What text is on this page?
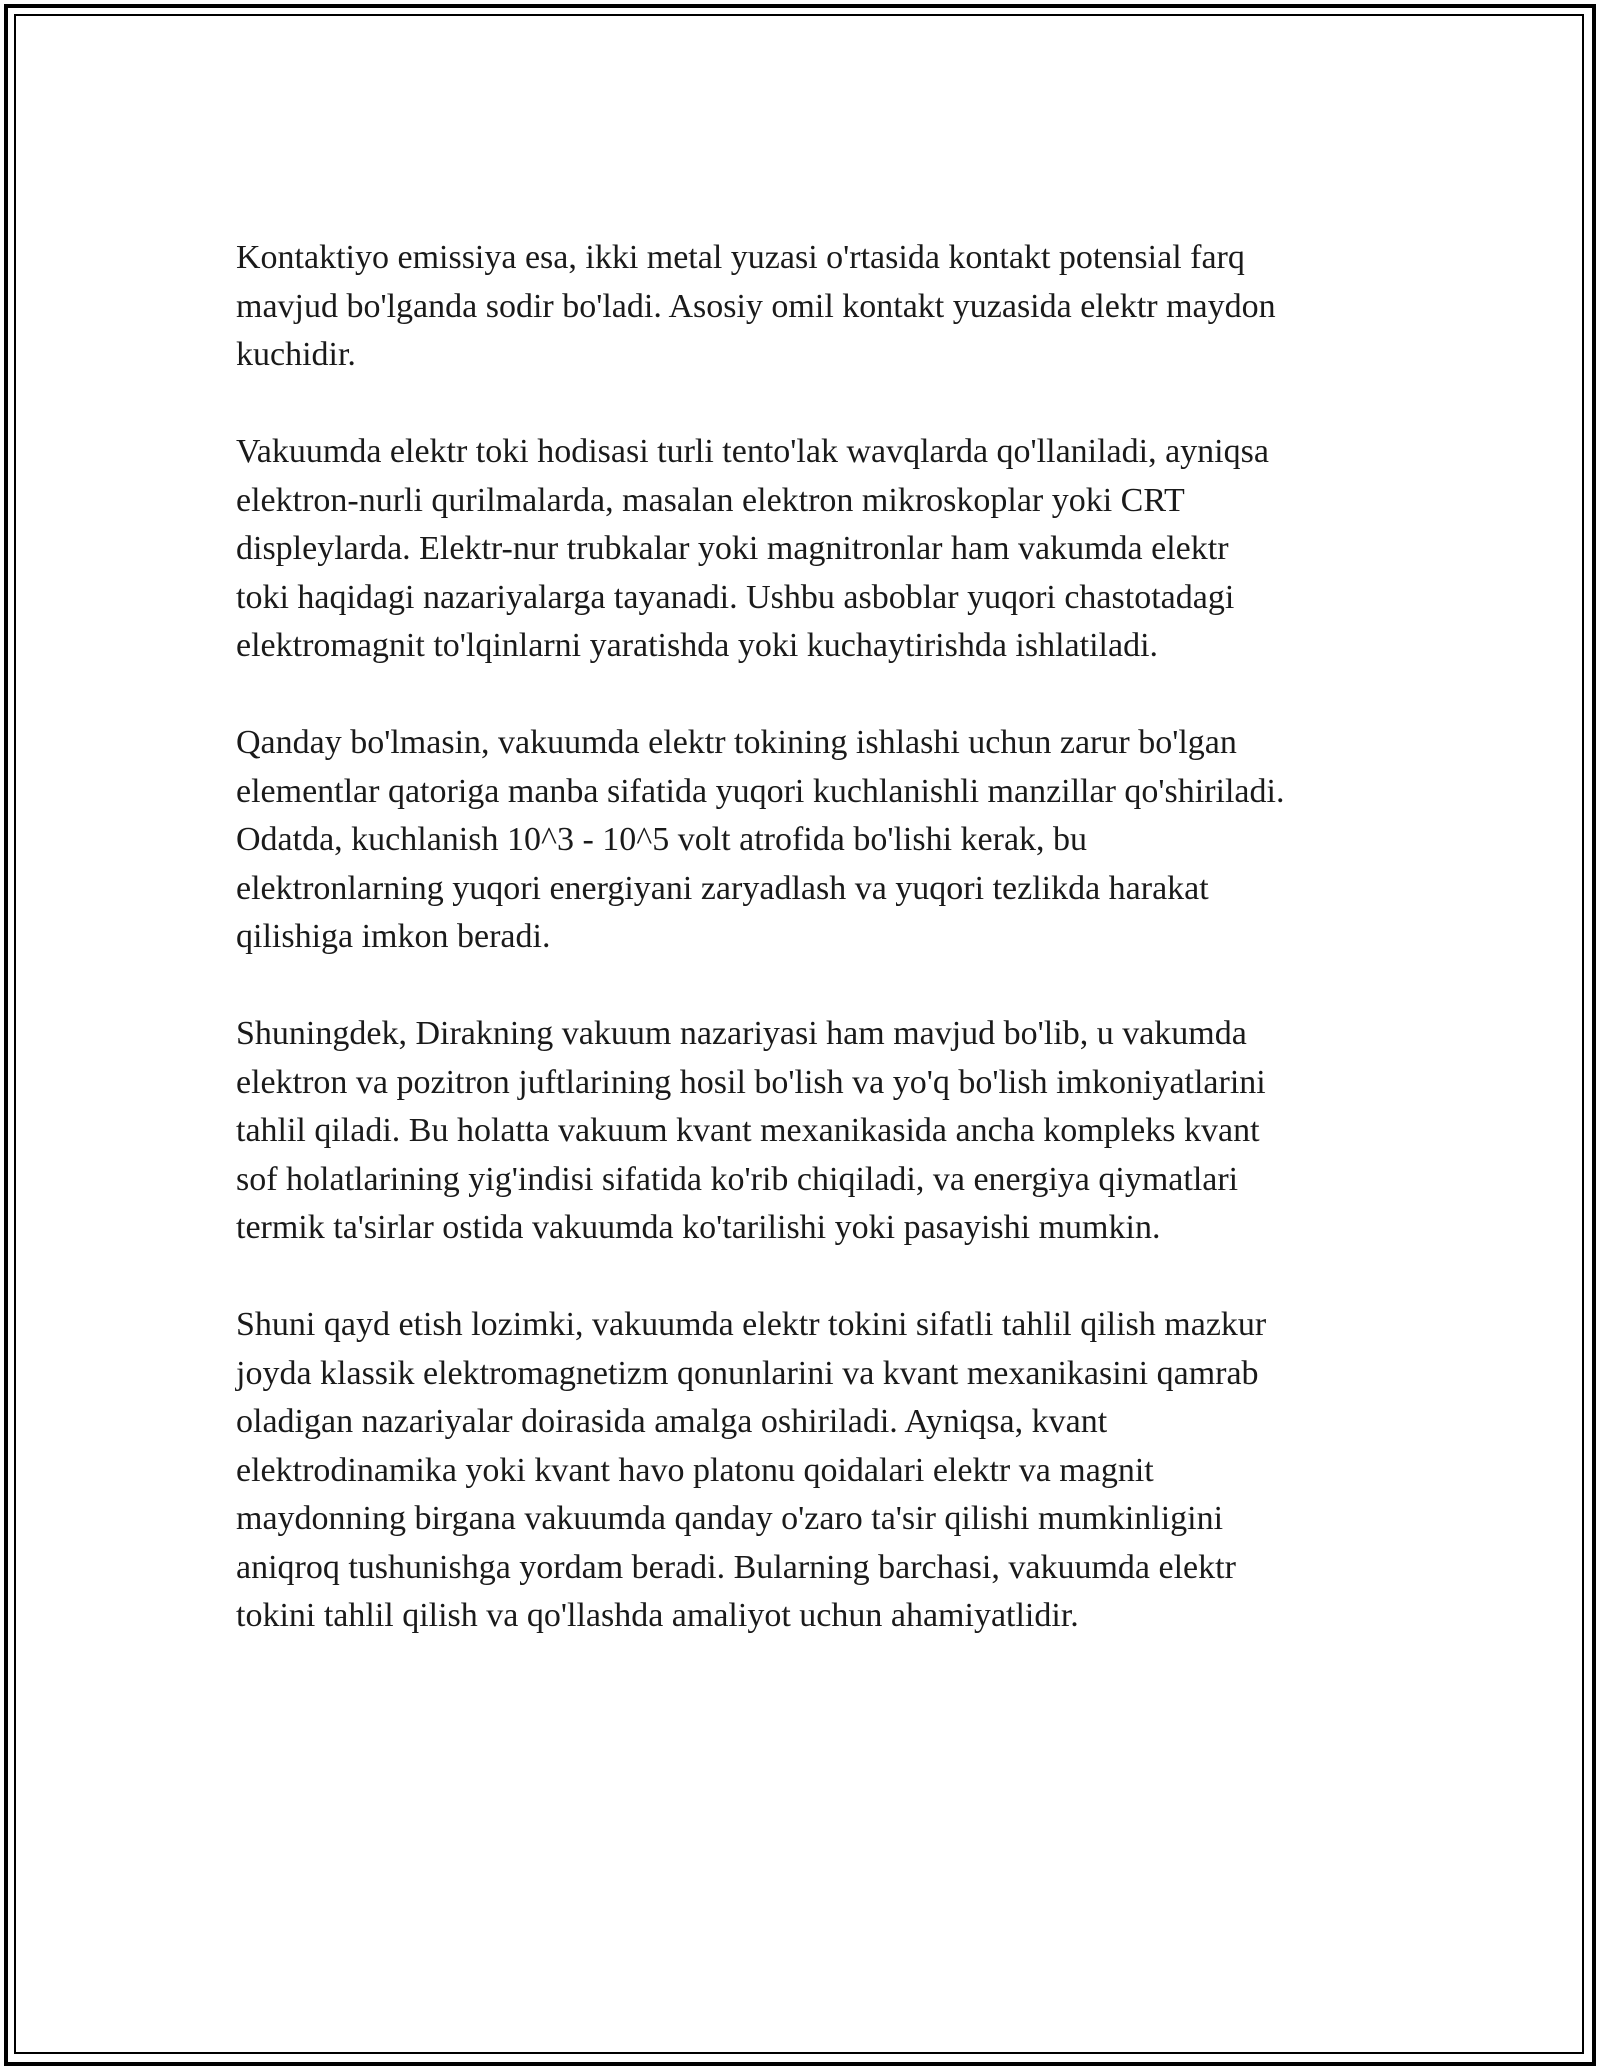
Kontaktiyo emissiya esa, ikki metal yuzasi o'rtasida kontakt potensial farq
mavjud bo'lganda sodir bo'ladi. Asosiy omil kontakt yuzasida elektr maydon
kuchidir.

Vakuumda elektr toki hodisasi turli tento'lak wavqlarda qo'llaniladi, ayniqsa
elektron-nurli qurilmalarda, masalan elektron mikroskoplar yoki CRT
displeylarda. Elektr-nur trubkalar yoki magnitronlar ham vakumda elektr
toki haqidagi nazariyalarga tayanadi. Ushbu asboblar yuqori chastotadagi
elektromagnit to'lqinlarni yaratishda yoki kuchaytirishda ishlatiladi.

Qanday bo'lmasin, vakuumda elektr tokining ishlashi uchun zarur bo'lgan
elementlar qatoriga manba sifatida yuqori kuchlanishli manzillar qo'shiriladi.
Odatda, kuchlanish 10^3 - 10^5 volt atrofida bo'lishi kerak, bu
elektronlarning yuqori energiyani zaryadlash va yuqori tezlikda harakat
qilishiga imkon beradi.

Shuningdek, Dirakning vakuum nazariyasi ham mavjud bo'lib, u vakumda
elektron va pozitron juftlarining hosil bo'lish va yo'q bo'lish imkoniyatlarini
tahlil qiladi. Bu holatta vakuum kvant mexanikasida ancha kompleks kvant
sof holatlarining yig'indisi sifatida ko'rib chiqiladi, va energiya qiymatlari
termik ta'sirlar ostida vakuumda ko'tarilishi yoki pasayishi mumkin.

Shuni qayd etish lozimki, vakuumda elektr tokini sifatli tahlil qilish mazkur
joyda klassik elektromagnetizm qonunlarini va kvant mexanikasini qamrab
oladigan nazariyalar doirasida amalga oshiriladi. Ayniqsa, kvant
elektrodinamika yoki kvant havo platonu qoidalari elektr va magnit
maydonning birgana vakuumda qanday o'zaro ta'sir qilishi mumkinligini
aniqroq tushunishga yordam beradi. Bularning barchasi, vakuumda elektr
tokini tahlil qilish va qo'llashda amaliyot uchun ahamiyatlidir.
